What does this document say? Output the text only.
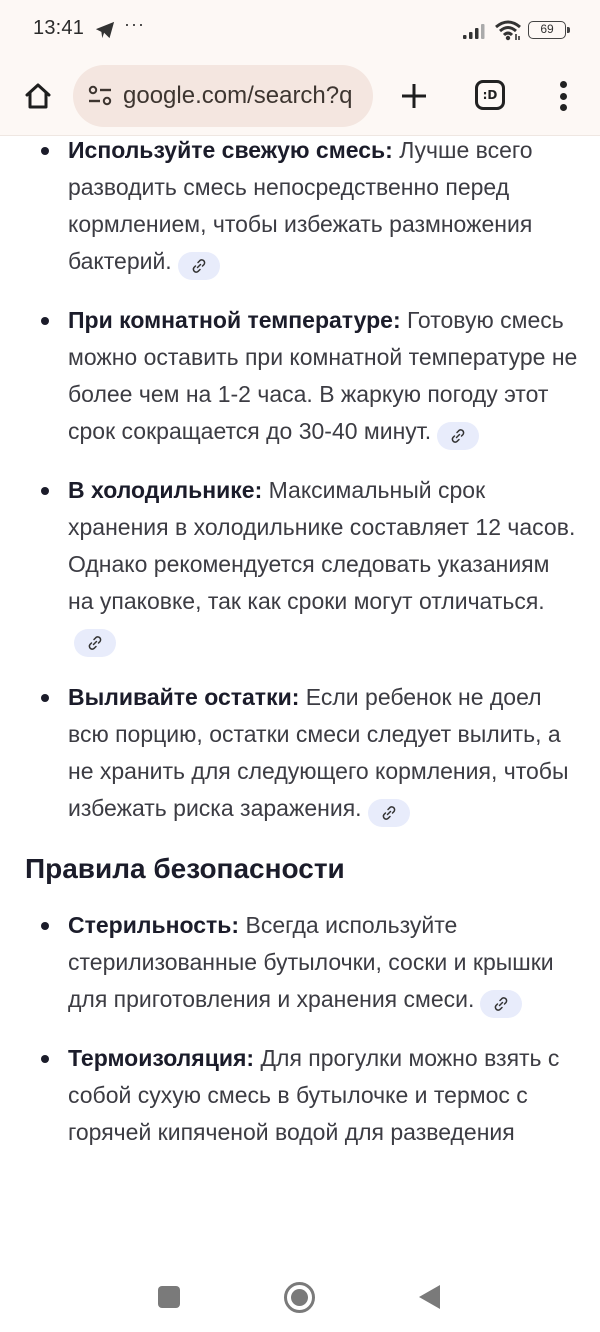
13:41 ···	69
google.com/search?q	:D
Используйте свежую смесь: Лучше всего разводить смесь непосредственно перед кормлением, чтобы избежать размножения бактерий.
При комнатной температуре: Готовую смесь можно оставить при комнатной температуре не более чем на 1-2 часа. В жаркую погоду этот срок сокращается до 30-40 минут.
В холодильнике: Максимальный срок хранения в холодильнике составляет 12 часов. Однако рекомендуется следовать указаниям на упаковке, так как сроки могут отличаться.
Выливайте остатки: Если ребенок не доел всю порцию, остатки смеси следует вылить, а не хранить для следующего кормления, чтобы избежать риска заражения.
Правила безопасности
Стерильность: Всегда используйте стерилизованные бутылочки, соски и крышки для приготовления и хранения смеси.
Термоизоляция: Для прогулки можно взять с собой сухую смесь в бутылочке и термос с горячей кипяченой водой для разведения
